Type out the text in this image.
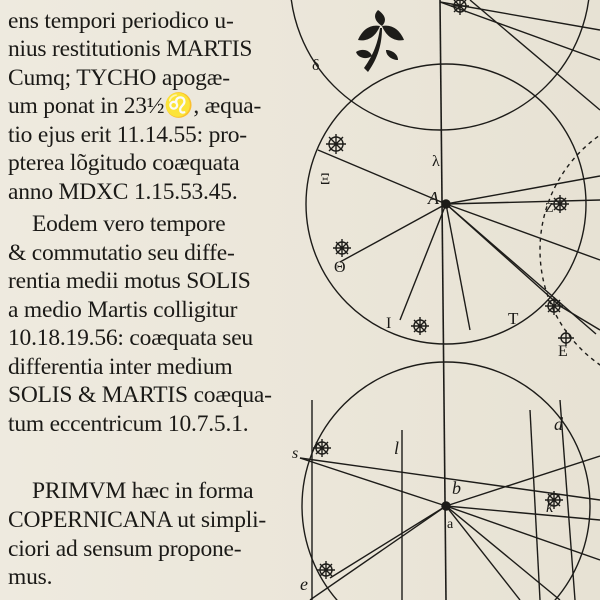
ens tempori periodico u-
nius restitutionis MARTIS
Cumq; TYCHO apogæ-
um ponat in 23½♌, æqua-
tio ejus erit 11.14.55: pro-
pterea lõgitudo coæquata
anno MDXC 1.15.53.45.
Eodem vero tempore
& commutatio seu diffe-
rentia medii motus SOLIS
a medio Martis colligitur
10.18.19.56: coæquata seu
differentia inter medium
SOLIS & MARTIS coæqua-
tum eccentricum 10.7.5.1.
PRIMVM hæc in forma
COPERNICANA ut simpli-
ciori ad sensum propone-
mus.
λ
A
Ξ
Θ
I	T
E
Z
b
l
d
k
e
s
a
δ
